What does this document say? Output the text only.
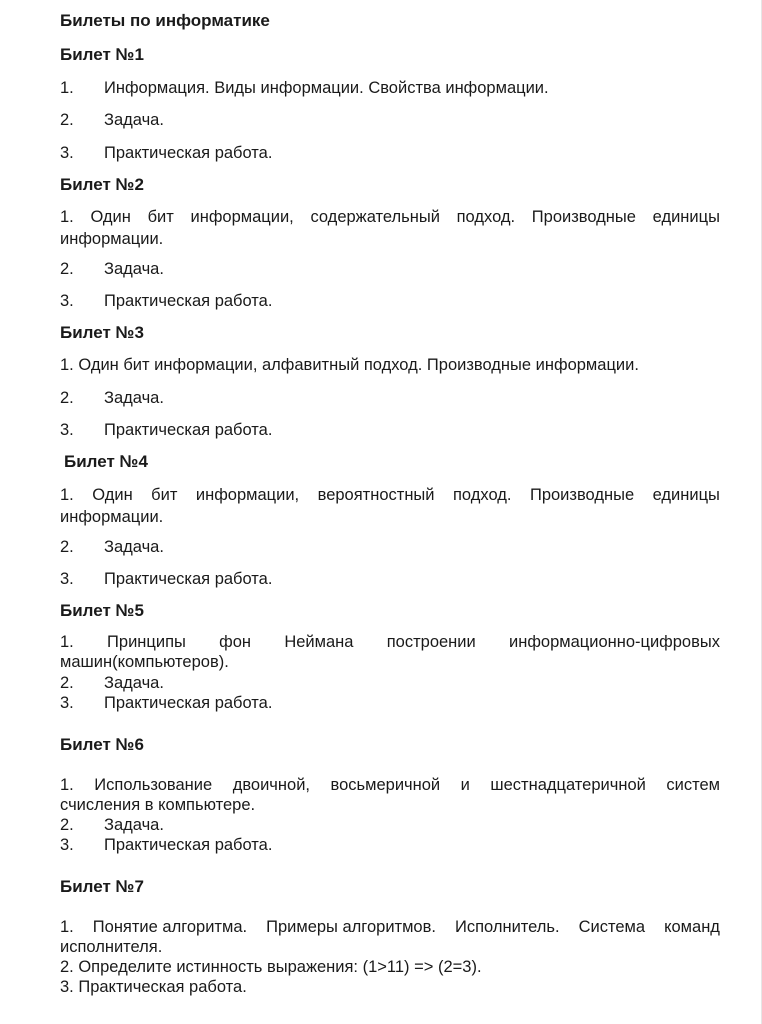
Билеты по информатике
Билет №1
1. Информация. Виды информации. Свойства информации.
2. Задача.
3. Практическая работа.
Билет №2
1. Один бит информации, содержательный подход. Производные единицы
информации.
2. Задача.
3. Практическая работа.
Билет №3
1. Один бит информации, алфавитный подход. Производные информации.
2. Задача.
3. Практическая работа.
Билет №4
1. Один бит информации, вероятностный подход. Производные единицы
информации.
2. Задача.
3. Практическая работа.
Билет №5
1. Принципы фон Неймана построении информационно-цифровых
машин(компьютеров).
2. Задача.
3. Практическая работа.
Билет №6
1. Использование двоичной, восьмеричной и шестнадцатеричной систем
счисления в компьютере.
2. Задача.
3. Практическая работа.
Билет №7
1. Понятие алгоритма. Примеры алгоритмов. Исполнитель. Система команд
исполнителя.
2. Определите истинность выражения: (1>11) => (2=3).
3. Практическая работа.
